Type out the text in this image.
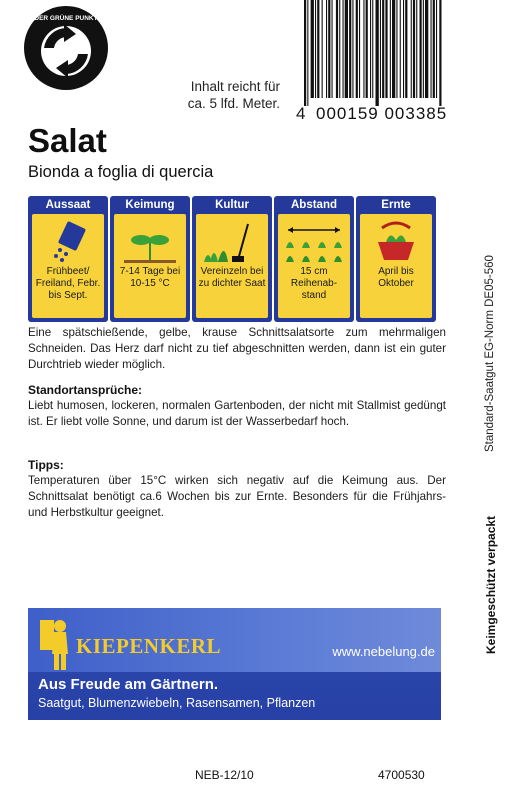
DER GRÜNE PUNKT
Inhalt reicht für
ca. 5 lfd. Meter.
4 000159 003385
Salat
Bionda a foglia di quercia
Aussaat
Frühbeet/ Freiland, Febr. bis Sept.
Keimung
7-14 Tage bei 10-15 °C
Kultur
Vereinzeln bei zu dichter Saat
Abstand
15 cm Reihenab- stand
Ernte
April bis Oktober
Eine spätschießende, gelbe, krause Schnittsalatsorte zum mehrmaligen Schneiden. Das Herz darf nicht zu tief abgeschnitten werden, dann ist ein guter Durchtrieb wieder möglich.
Standortansprüche:
Liebt humosen, lockeren, normalen Gartenboden, der nicht mit Stallmist gedüngt ist. Er liebt volle Sonne, und darum ist der Wasserbedarf hoch.
Tipps:
Temperaturen über 15°C wirken sich negativ auf die Keimung aus. Der Schnittsalat benötigt ca.6 Wochen bis zur Ernte. Besonders für die Frühjahrs- und Herbstkultur geeignet.
Standard-Saatgut EG-Norm DE05-560
Keimgeschützt verpackt
KIEPENKERL	www.nebelung.de
Aus Freude am Gärtnern.
Saatgut, Blumenzwiebeln, Rasensamen, Pflanzen
NEB-12/10	4700530
